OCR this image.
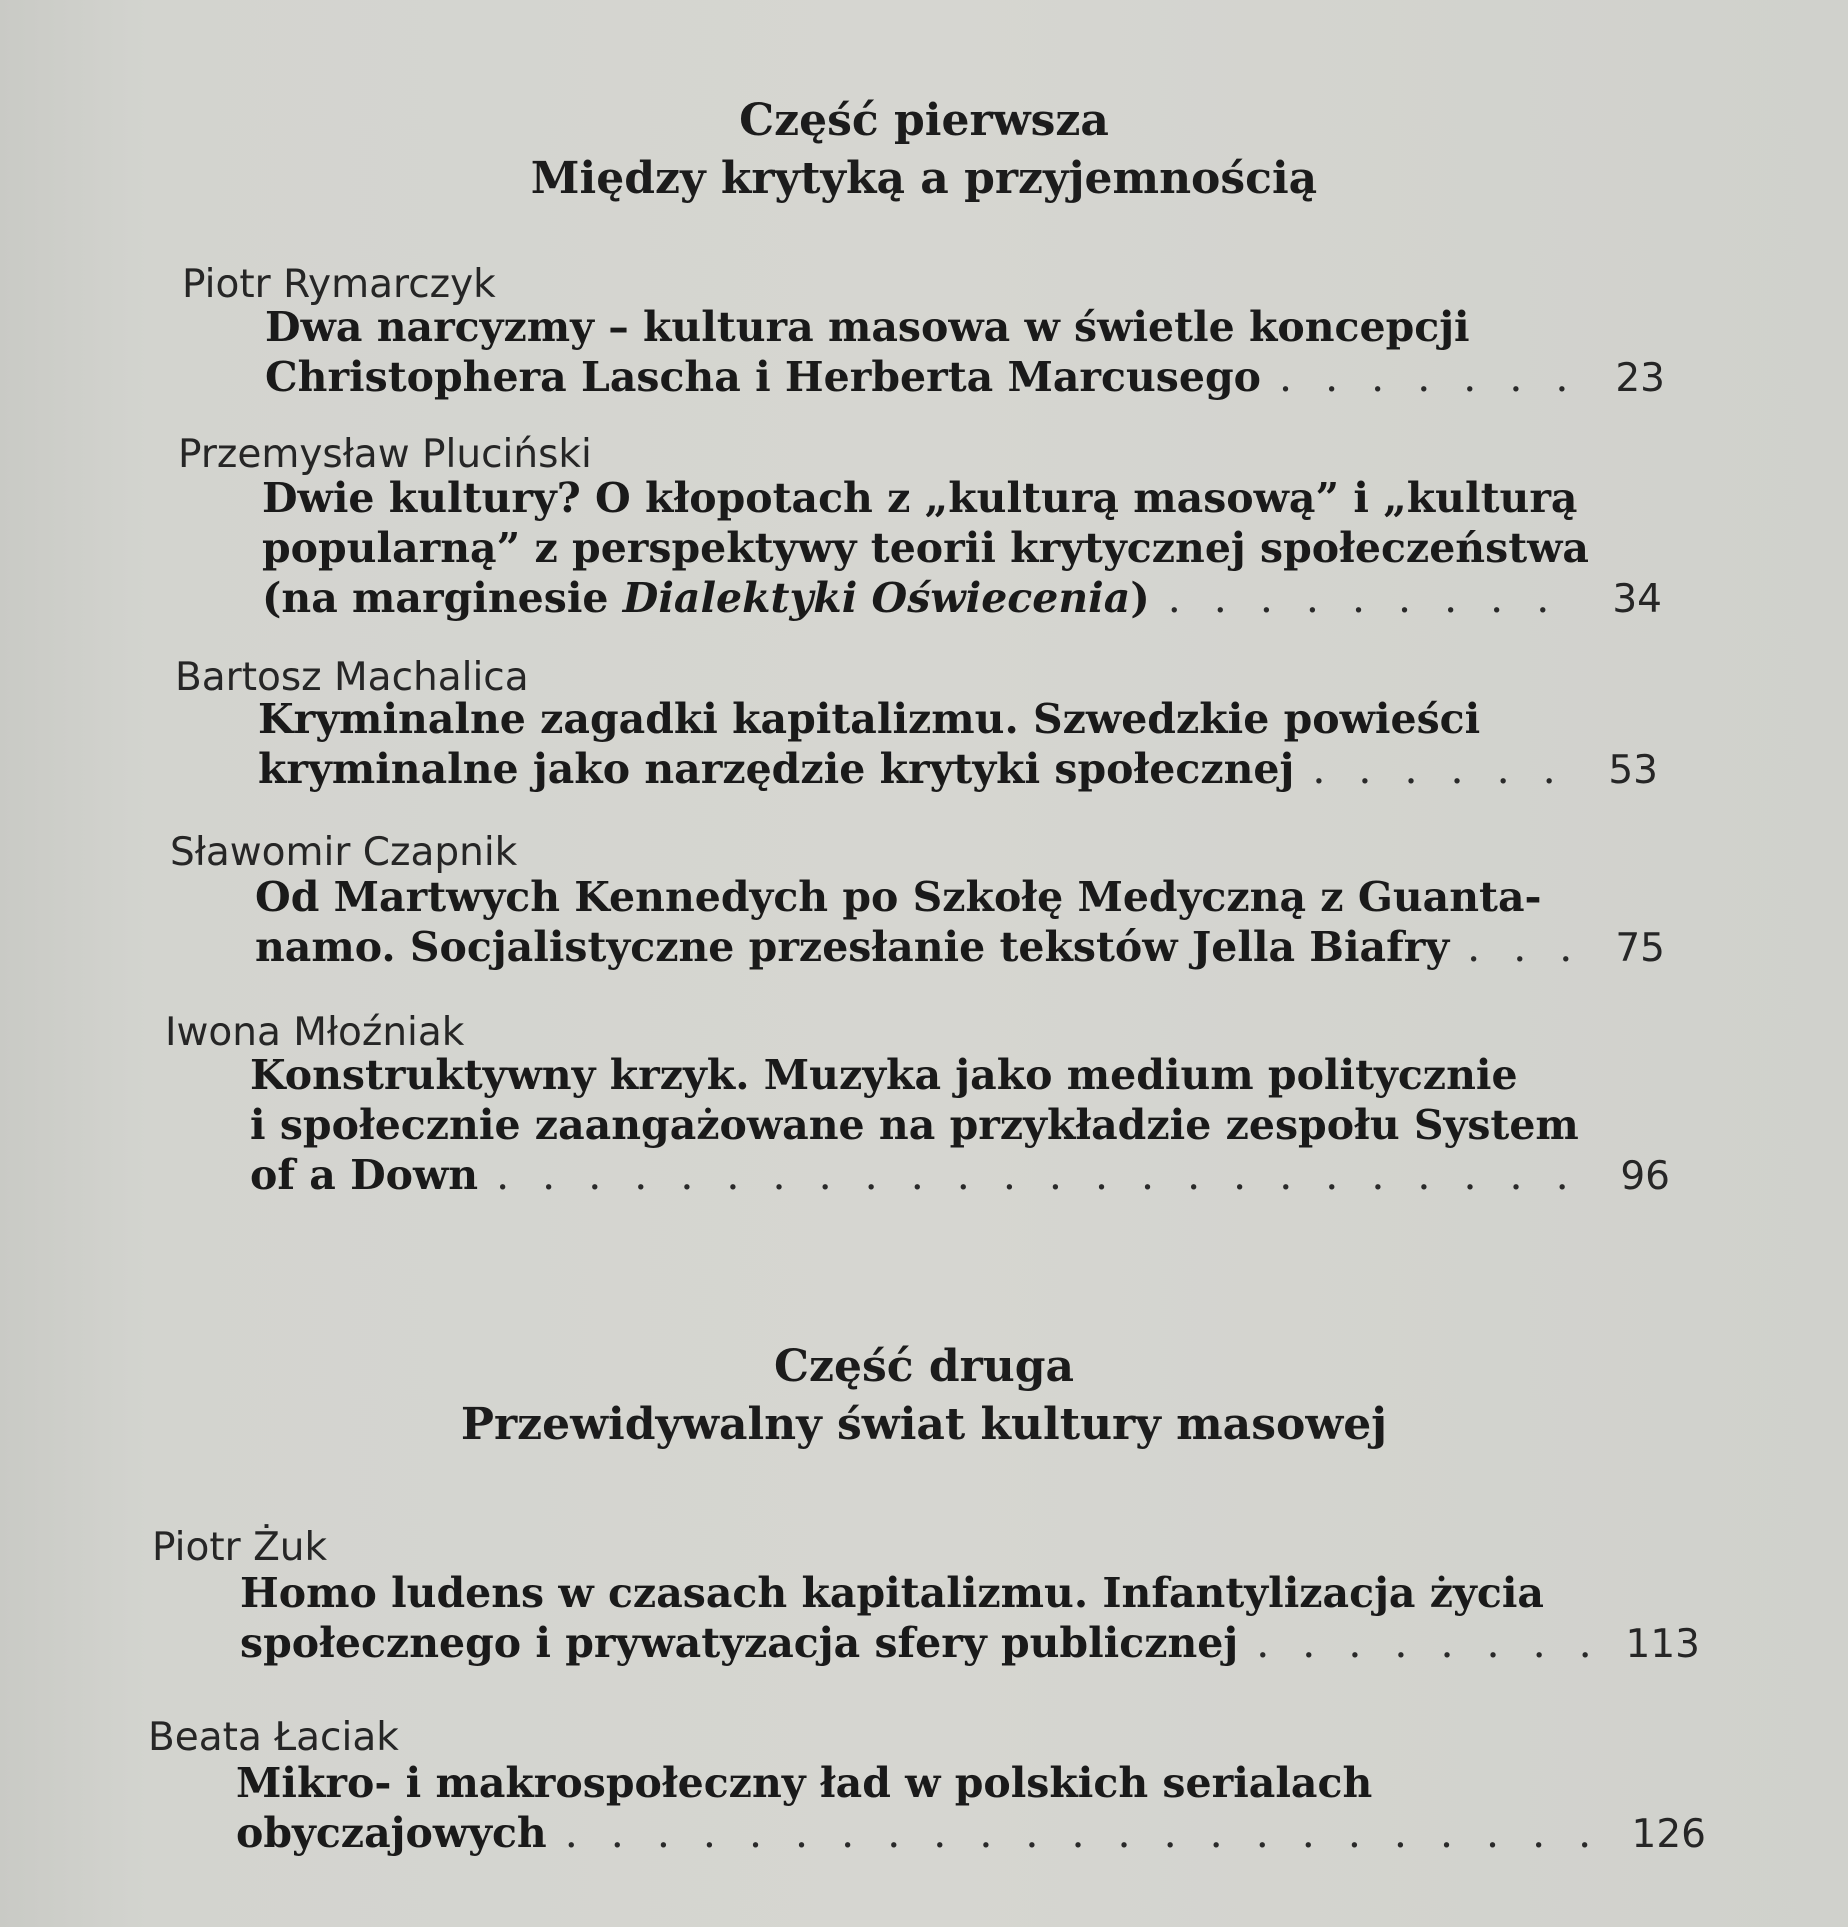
Część pierwsza
Między krytyką a przyjemnością
Piotr Rymarczyk
Dwa narcyzmy – kultura masowa w świetle koncepcji
Christophera Lascha i Herberta Marcusego . . .	23
Przemysław Pluciński
Dwie kultury? O kłopotach z „kulturą masową” i „kulturą
popularną” z perspektywy teorii krytycznej społeczeństwa
(na marginesie Dialektyki Oświecenia) . . .	34
Bartosz Machalica
Kryminalne zagadki kapitalizmu. Szwedzkie powieści
kryminalne jako narzędzie krytyki społecznej . . .	53
Sławomir Czapnik
Od Martwych Kennedych po Szkołę Medyczną z Guanta-
namo. Socjalistyczne przesłanie tekstów Jella Biafry . . .	75
Iwona Młoźniak
Konstruktywny krzyk. Muzyka jako medium politycznie
i społecznie zaangażowane na przykładzie zespołu System
of a Down . . .	96
Część druga
Przewidywalny świat kultury masowej
Piotr Żuk
Homo ludens w czasach kapitalizmu. Infantylizacja życia
społecznego i prywatyzacja sfery publicznej . . .	113
Beata Łaciak
Mikro- i makrospołeczny ład w polskich serialach
obyczajowych . . .	126
